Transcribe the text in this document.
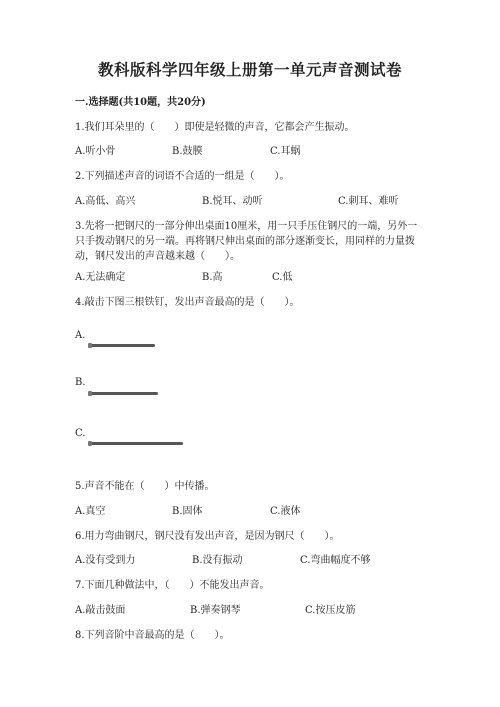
教科版科学四年级上册第一单元声音测试卷
一.选择题(共10题，共20分)
1.我们耳朵里的（　　）即使是轻微的声音，它都会产生振动。
A.听小骨	B.鼓膜	C.耳蜗
2.下列描述声音的词语不合适的一组是（　　）。
A.高低、高兴	B.悦耳、动听	C.刺耳、难听
3.先将一把钢尺的一部分伸出桌面10厘米，用一只手压住钢尺的一端，另外一
只手拨动钢尺的另一端。再将钢尺伸出桌面的部分逐渐变长，用同样的力量拨
动，钢尺发出的声音越来越（　　）。
A.无法确定	B.高	C.低
4.敲击下图三根铁钉，发出声音最高的是（　　）。
A.
B.
C.
5.声音不能在（　　）中传播。
A.真空	B.固体	C.液体
6.用力弯曲钢尺，钢尺没有发出声音，是因为钢尺（　　）。
A.没有受到力	B.没有振动	C.弯曲幅度不够
7.下面几种做法中，（　　）不能发出声音。
A.敲击鼓面	B.弹奏钢琴	C.按压皮筋
8.下列音阶中音最高的是（　　）。
